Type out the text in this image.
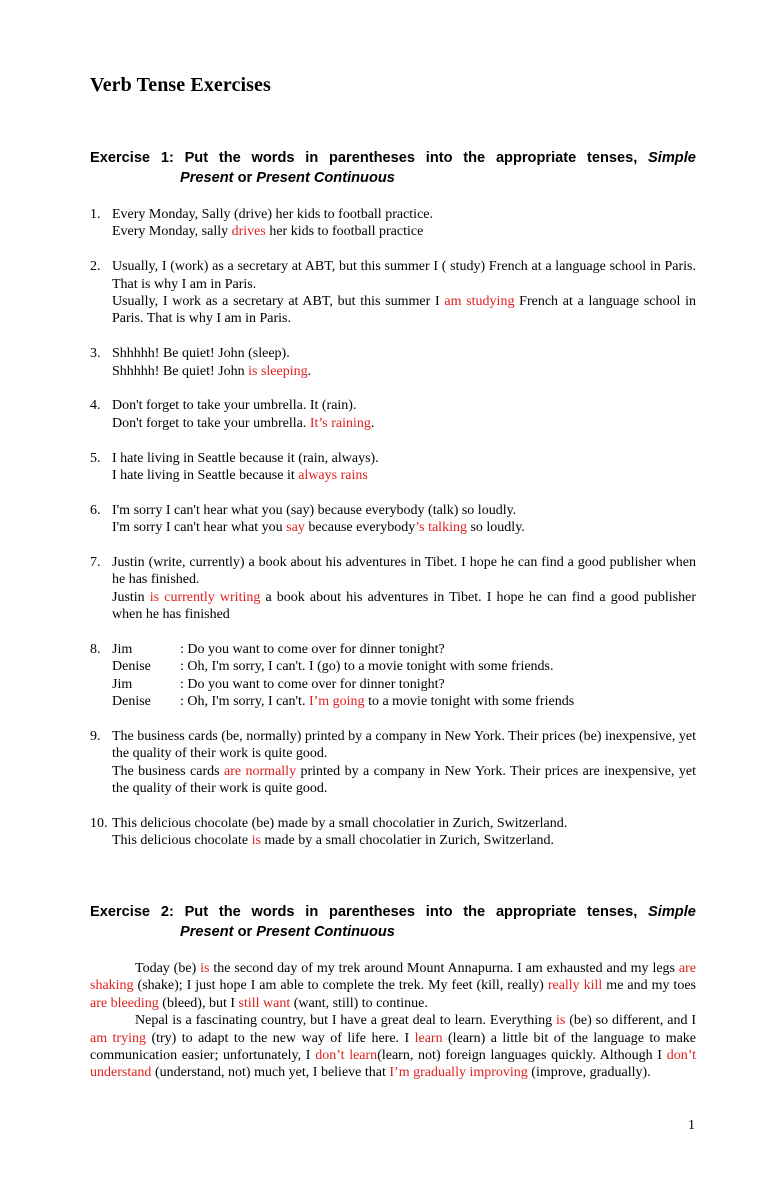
Verb Tense Exercises
Exercise 1: Put the words in parentheses into the appropriate tenses, Simple
Present or Present Continuous
1. Every Monday, Sally (drive) her kids to football practice.
Every Monday, sally drives her kids to football practice
2. Usually, I (work) as a secretary at ABT, but this summer I ( study) French at a language school in Paris. That is why I am in Paris.
Usually, I work as a secretary at ABT, but this summer I am studying French at a language school in Paris. That is why I am in Paris.
3. Shhhhh! Be quiet! John (sleep).
Shhhhh! Be quiet! John is sleeping.
4. Don't forget to take your umbrella. It (rain).
Don't forget to take your umbrella. It’s raining.
5. I hate living in Seattle because it (rain, always).
I hate living in Seattle because it always rains
6. I'm sorry I can't hear what you (say) because everybody (talk) so loudly.
I'm sorry I can't hear what you say because everybody’s talking so loudly.
7. Justin (write, currently) a book about his adventures in Tibet. I hope he can find a good publisher when he has finished.
Justin is currently writing a book about his adventures in Tibet. I hope he can find a good publisher when he has finished
8. Jim	: Do you want to come over for dinner tonight?
Denise	: Oh, I'm sorry, I can't. I (go) to a movie tonight with some friends.
Jim	: Do you want to come over for dinner tonight?
Denise	: Oh, I'm sorry, I can't. I’m going to a movie tonight with some friends
9. The business cards (be, normally) printed by a company in New York. Their prices (be) inexpensive, yet the quality of their work is quite good.
The business cards are normally printed by a company in New York. Their prices are inexpensive, yet the quality of their work is quite good.
10. This delicious chocolate (be) made by a small chocolatier in Zurich, Switzerland.
This delicious chocolate is made by a small chocolatier in Zurich, Switzerland.
Exercise 2: Put the words in parentheses into the appropriate tenses, Simple
Present or Present Continuous

Today (be) is the second day of my trek around Mount Annapurna. I am exhausted and my legs are shaking (shake); I just hope I am able to complete the trek. My feet (kill, really) really kill me and my toes are bleeding (bleed), but I still want (want, still) to continue.

Nepal is a fascinating country, but I have a great deal to learn. Everything is (be) so different, and I am trying (try) to adapt to the new way of life here. I learn (learn) a little bit of the language to make communication easier; unfortunately, I don’t learn(learn, not) foreign languages quickly. Although I don’t understand (understand, not) much yet, I believe that I’m gradually improving (improve, gradually).

1
